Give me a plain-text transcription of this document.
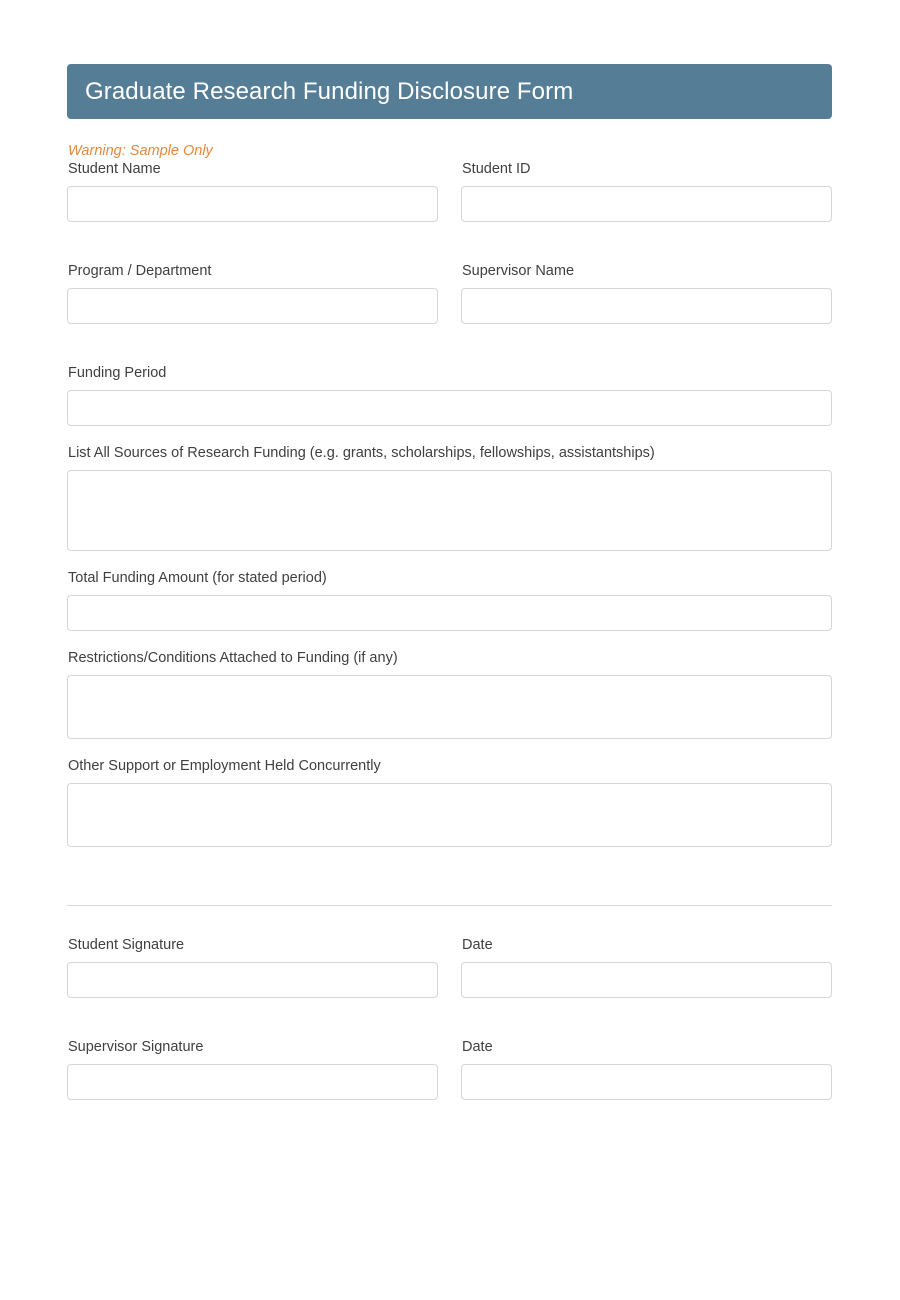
Graduate Research Funding Disclosure Form

Warning: Sample Only

Student Name	Student ID
Program / Department	Supervisor Name
Funding Period
List All Sources of Research Funding (e.g. grants, scholarships, fellowships, assistantships)
Total Funding Amount (for stated period)
Restrictions/Conditions Attached to Funding (if any)
Other Support or Employment Held Concurrently
Student Signature	Date
Supervisor Signature	Date
